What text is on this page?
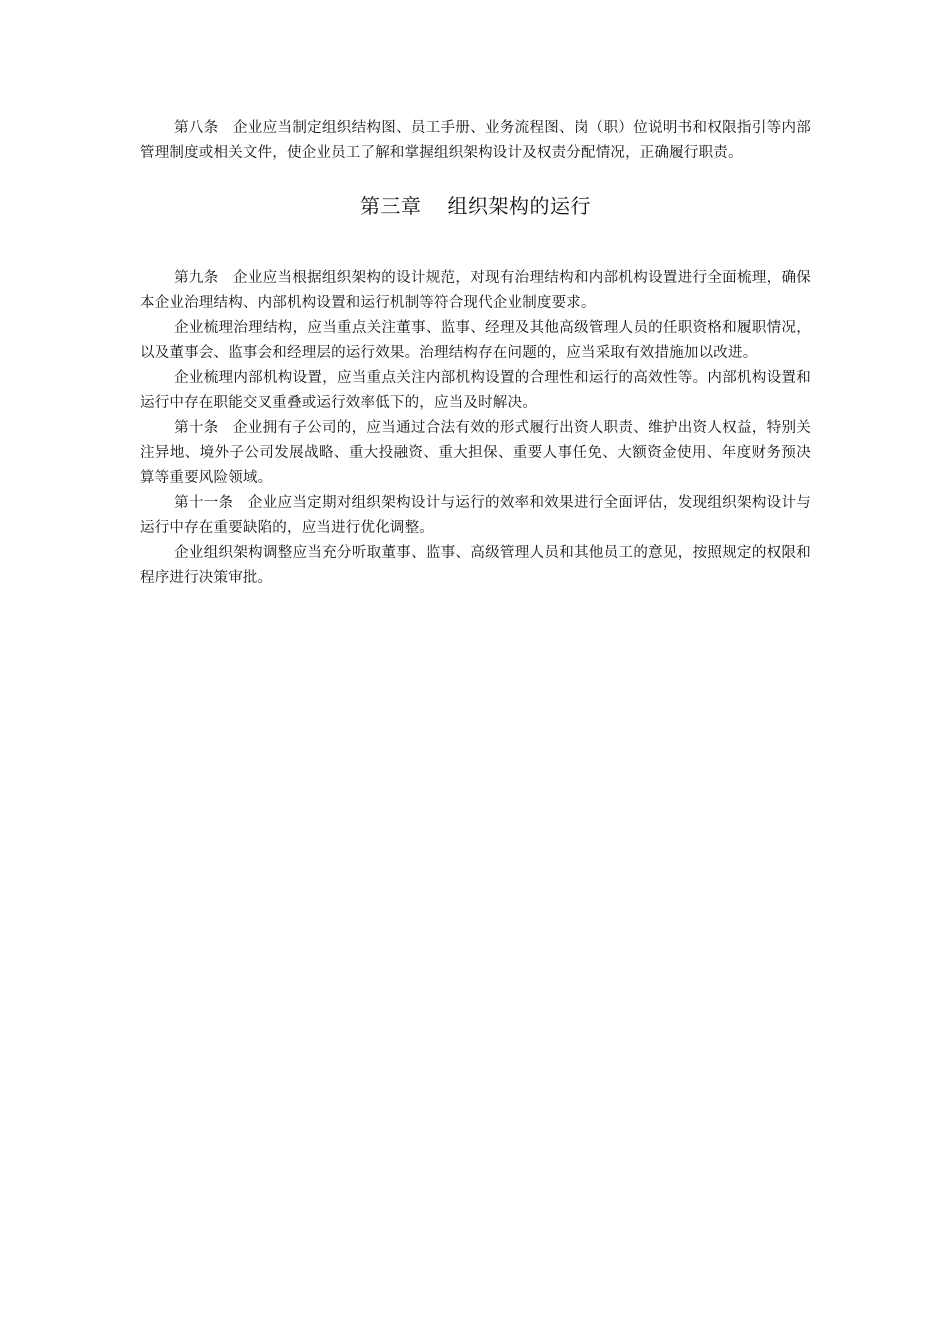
第八条 企业应当制定组织结构图、员工手册、业务流程图、岗（职）位说明书和权限指引等内部管理制度或相关文件，使企业员工了解和掌握组织架构设计及权责分配情况，正确履行职责。

第三章 组织架构的运行

第九条 企业应当根据组织架构的设计规范，对现有治理结构和内部机构设置进行全面梳理，确保本企业治理结构、内部机构设置和运行机制等符合现代企业制度要求。

企业梳理治理结构，应当重点关注董事、监事、经理及其他高级管理人员的任职资格和履职情况，以及董事会、监事会和经理层的运行效果。治理结构存在问题的，应当采取有效措施加以改进。

企业梳理内部机构设置，应当重点关注内部机构设置的合理性和运行的高效性等。内部机构设置和运行中存在职能交叉重叠或运行效率低下的，应当及时解决。

第十条 企业拥有子公司的，应当通过合法有效的形式履行出资人职责、维护出资人权益，特别关注异地、境外子公司发展战略、重大投融资、重大担保、重要人事任免、大额资金使用、年度财务预决算等重要风险领域。

第十一条 企业应当定期对组织架构设计与运行的效率和效果进行全面评估，发现组织架构设计与运行中存在重要缺陷的，应当进行优化调整。

企业组织架构调整应当充分听取董事、监事、高级管理人员和其他员工的意见，按照规定的权限和程序进行决策审批。
